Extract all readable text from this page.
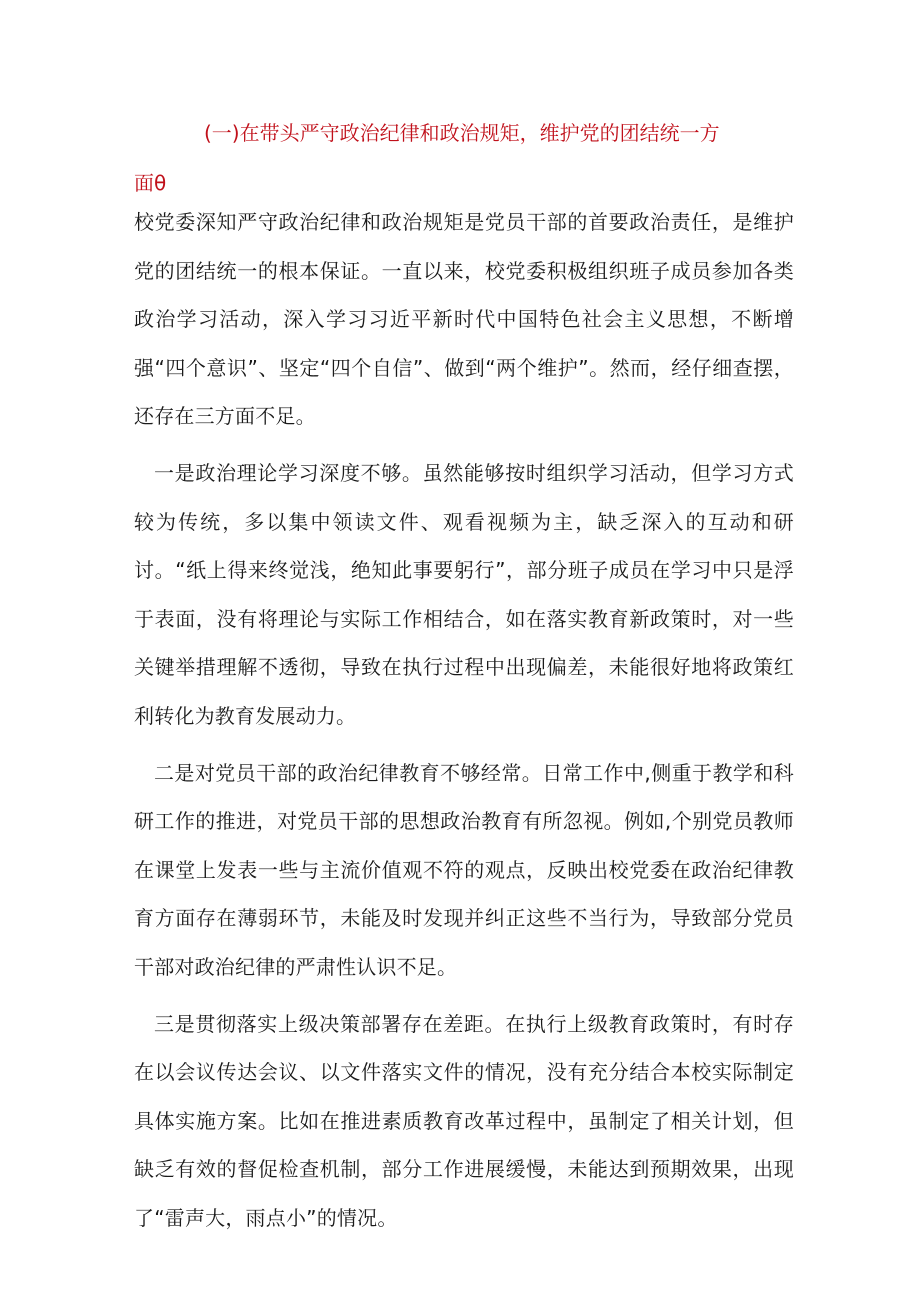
(一)在带头严守政治纪律和政治规矩，维护党的团结统一方
面θ

校党委深知严守政治纪律和政治规矩是党员干部的首要政治责任，是维护党的团结统一的根本保证。一直以来，校党委积极组织班子成员参加各类政治学习活动，深入学习习近平新时代中国特色社会主义思想，不断增强“四个意识”、坚定“四个自信”、做到“两个维护”。然而，经仔细查摆，还存在三方面不足。

一是政治理论学习深度不够。虽然能够按时组织学习活动，但学习方式较为传统，多以集中领读文件、观看视频为主，缺乏深入的互动和研讨。“纸上得来终觉浅，绝知此事要躬行”，部分班子成员在学习中只是浮于表面，没有将理论与实际工作相结合，如在落实教育新政策时，对一些关键举措理解不透彻，导致在执行过程中出现偏差，未能很好地将政策红利转化为教育发展动力。

二是对党员干部的政治纪律教育不够经常。日常工作中,侧重于教学和科研工作的推进，对党员干部的思想政治教育有所忽视。例如,个别党员教师在课堂上发表一些与主流价值观不符的观点，反映出校党委在政治纪律教育方面存在薄弱环节，未能及时发现并纠正这些不当行为，导致部分党员干部对政治纪律的严肃性认识不足。

三是贯彻落实上级决策部署存在差距。在执行上级教育政策时，有时存在以会议传达会议、以文件落实文件的情况，没有充分结合本校实际制定具体实施方案。比如在推进素质教育改革过程中，虽制定了相关计划，但缺乏有效的督促检查机制，部分工作进展缓慢，未能达到预期效果，出现了“雷声大，雨点小”的情况。
